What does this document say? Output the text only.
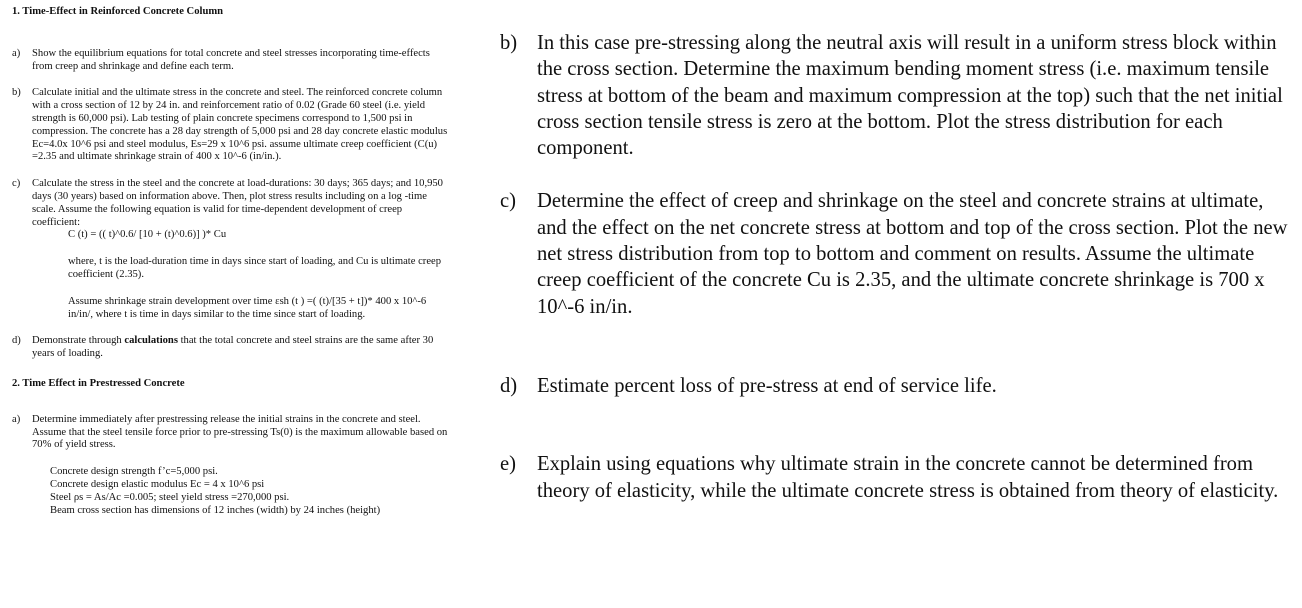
1. Time-Effect in Reinforced Concrete Column

a)	Show the equilibrium equations for total concrete and steel stresses incorporating time-effects from creep and shrinkage and define each term.
b)	Calculate initial and the ultimate stress in the concrete and steel. The reinforced concrete column with a cross section of 12 by 24 in. and reinforcement ratio of 0.02 (Grade 60 steel (i.e. yield strength is 60,000 psi). Lab testing of plain concrete specimens correspond to 1,500 psi in compression. The concrete has a 28 day strength of 5,000 psi and 28 day concrete elastic modulus Ec=4.0x 10^6 psi and steel modulus, Es=29 x 10^6 psi. assume ultimate creep coefficient (C(u) =2.35 and ultimate shrinkage strain of 400 x 10^-6 (in/in.).
c)	Calculate the stress in the steel and the concrete at load-durations: 30 days; 365 days; and 10,950 days (30 years) based on information above. Then, plot stress results including on a log -time scale. Assume the following equation is valid for time-dependent development of creep coefficient:

C (t) = (( t)^0.6/ [10 + (t)^0.6)] )* Cu

where, t is the load-duration time in days since start of loading, and Cu is ultimate creep coefficient (2.35).

Assume shrinkage strain development over time εsh (t ) =( (t)/[35 + t])* 400 x 10^-6 in/in/, where t is time in days similar to the time since start of loading.

d)	Demonstrate through calculations that the total concrete and steel strains are the same after 30 years of loading.

2. Time Effect in Prestressed Concrete

a)	Determine immediately after prestressing release the initial strains in the concrete and steel. Assume that the steel tensile force prior to pre-stressing Ts(0) is the maximum allowable based on 70% of yield stress.

Concrete design strength f’c=5,000 psi.

Concrete design elastic modulus Ec = 4 x 10^6 psi

Steel ρs = As/Ac =0.005; steel yield stress =270,000 psi.

Beam cross section has dimensions of 12 inches (width) by 24 inches (height)

b) In this case pre-stressing along the neutral axis will result in a uniform stress block within the cross section. Determine the maximum bending moment stress (i.e. maximum tensile stress at bottom of the beam and maximum compression at the top) such that the net initial cross section tensile stress is zero at the bottom. Plot the stress distribution for each component.
c)	Determine the effect of creep and shrinkage on the steel and concrete strains at ultimate, and the effect on the net concrete stress at bottom and top of the cross section. Plot the new net stress distribution from top to bottom and comment on results. Assume the ultimate creep coefficient of the concrete Cu is 2.35, and the ultimate concrete shrinkage is 700 x 10^-6 in/in.
d) Estimate percent loss of pre-stress at end of service life.
e)	Explain using equations why ultimate strain in the concrete cannot be determined from theory of elasticity, while the ultimate concrete stress is obtained from theory of elasticity.
